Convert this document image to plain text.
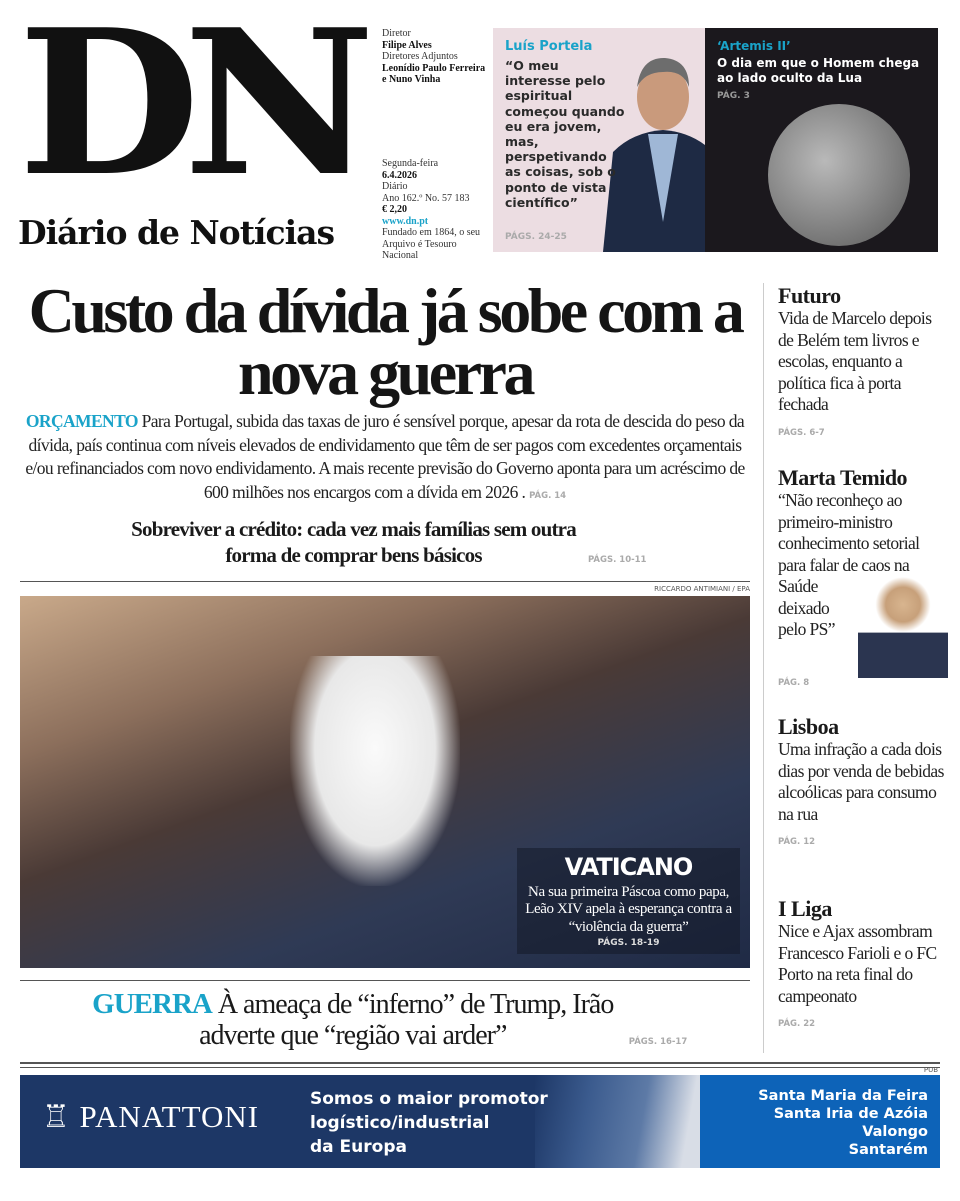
DN
Diário de Notícias
Diretor
Filipe Alves
Diretores Adjuntos
Leonídio Paulo Ferreira e Nuno Vinha
Segunda-feira
6.4.2026
Diário
Ano 162.º No. 57 183
€ 2,20
www.dn.pt
Fundado em 1864, o seu Arquivo é Tesouro Nacional
Luís Portela
“O meu interesse pelo espiritual começou quando eu era jovem, mas, perspetivando as coisas, sob o ponto de vista científico”
PÁGS. 24-25
‘Artemis II’
O dia em que o Homem chega ao lado oculto da Lua
PÁG. 3
Custo da dívida já sobe com a nova guerra
ORÇAMENTO Para Portugal, subida das taxas de juro é sensível porque, apesar da rota de descida do peso da dívida, país continua com níveis elevados de endividamento que têm de ser pagos com excedentes orçamentais e/ou refinanciados com novo endividamento. A mais recente previsão do Governo aponta para um acréscimo de 600 milhões nos encargos com a dívida em 2026 . PÁG. 14
Sobreviver a crédito: cada vez mais famílias sem outra forma de comprar bens básicos	PÁGS. 10-11
RICCARDO ANTIMIANI / EPA
VATICANO
Na sua primeira Páscoa como papa, Leão XIV apela à esperança contra a “violência da guerra”
PÁGS. 18-19
GUERRA À ameaça de “inferno” de Trump, Irão adverte que “região vai arder”	PÁGS. 16-17
Futuro
Vida de Marcelo depois de Belém tem livros e escolas, enquanto a política fica à porta fechada
PÁGS. 6-7
Marta Temido
“Não reconheço ao primeiro-ministro conhecimento setorial para falar de caos na Saúde deixado pelo PS”
PÁG. 8
Lisboa
Uma infração a cada dois dias por venda de bebidas alcoólicas para consumo na rua
PÁG. 12
I Liga
Nice e Ajax assombram Francesco Farioli e o FC Porto na reta final do campeonato
PÁG. 22
PUB
♖ PANATTONI	Somos o maior promotor
logístico/industrial
da Europa
Santa Maria da Feira
Santa Iria de Azóia
Valongo
Santarém
